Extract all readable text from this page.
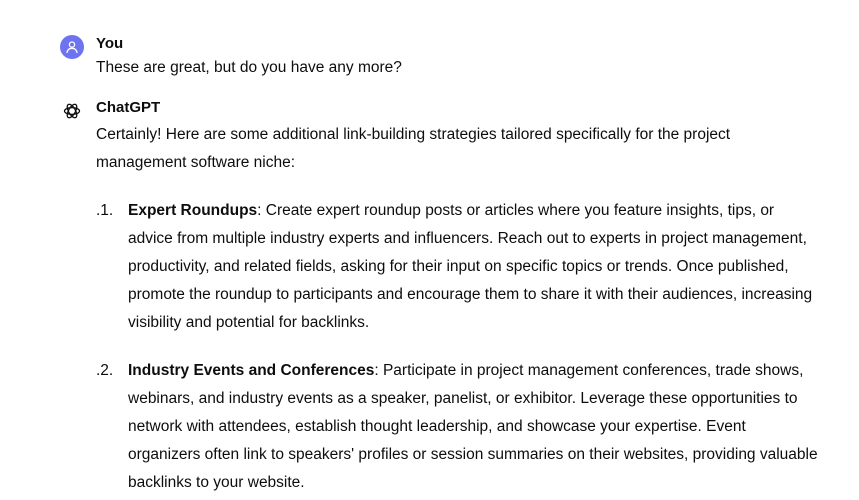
You
These are great, but do you have any more?
ChatGPT
Certainly! Here are some additional link-building strategies tailored specifically for the project management software niche:
.1. Expert Roundups: Create expert roundup posts or articles where you feature insights, tips, or advice from multiple industry experts and influencers. Reach out to experts in project management, productivity, and related fields, asking for their input on specific topics or trends. Once published, promote the roundup to participants and encourage them to share it with their audiences, increasing visibility and potential for backlinks.
.2. Industry Events and Conferences: Participate in project management conferences, trade shows, webinars, and industry events as a speaker, panelist, or exhibitor. Leverage these opportunities to network with attendees, establish thought leadership, and showcase your expertise. Event organizers often link to speakers' profiles or session summaries on their websites, providing valuable backlinks to your website.
